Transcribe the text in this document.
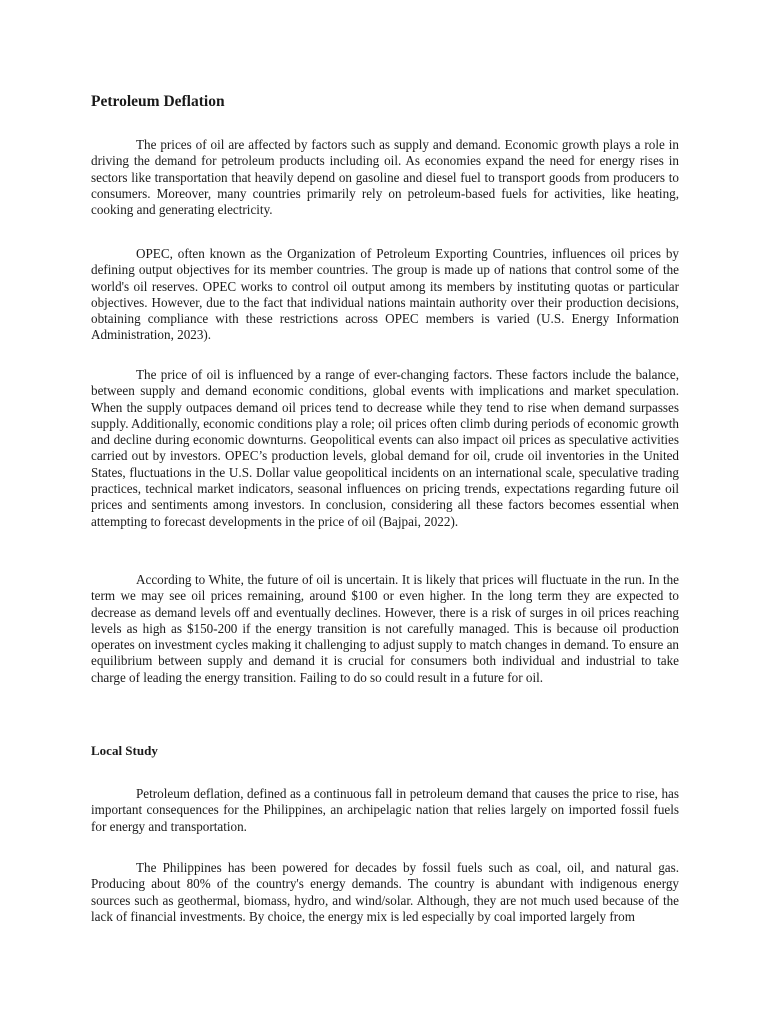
Petroleum Deflation

The prices of oil are affected by factors such as supply and demand. Economic growth plays a role in driving the demand for petroleum products including oil. As economies expand the need for energy rises in sectors like transportation that heavily depend on gasoline and diesel fuel to transport goods from producers to consumers. Moreover, many countries primarily rely on petroleum-based fuels for activities, like heating, cooking and generating electricity.

OPEC, often known as the Organization of Petroleum Exporting Countries, influences oil prices by defining output objectives for its member countries. The group is made up of nations that control some of the world's oil reserves. OPEC works to control oil output among its members by instituting quotas or particular objectives. However, due to the fact that individual nations maintain authority over their production decisions, obtaining compliance with these restrictions across OPEC members is varied (U.S. Energy Information Administration, 2023).

The price of oil is influenced by a range of ever-changing factors. These factors include the balance, between supply and demand economic conditions, global events with implications and market speculation. When the supply outpaces demand oil prices tend to decrease while they tend to rise when demand surpasses supply. Additionally, economic conditions play a role; oil prices often climb during periods of economic growth and decline during economic downturns. Geopolitical events can also impact oil prices as speculative activities carried out by investors. OPEC’s production levels, global demand for oil, crude oil inventories in the United States, fluctuations in the U.S. Dollar value geopolitical incidents on an international scale, speculative trading practices, technical market indicators, seasonal influences on pricing trends, expectations regarding future oil prices and sentiments among investors. In conclusion, considering all these factors becomes essential when attempting to forecast developments in the price of oil (Bajpai, 2022).

According to White, the future of oil is uncertain. It is likely that prices will fluctuate in the run. In the term we may see oil prices remaining, around $100 or even higher. In the long term they are expected to decrease as demand levels off and eventually declines. However, there is a risk of surges in oil prices reaching levels as high as $150-200 if the energy transition is not carefully managed. This is because oil production operates on investment cycles making it challenging to adjust supply to match changes in demand. To ensure an equilibrium between supply and demand it is crucial for consumers both individual and industrial to take charge of leading the energy transition. Failing to do so could result in a future for oil.

Local Study

Petroleum deflation, defined as a continuous fall in petroleum demand that causes the price to rise, has important consequences for the Philippines, an archipelagic nation that relies largely on imported fossil fuels for energy and transportation.

The Philippines has been powered for decades by fossil fuels such as coal, oil, and natural gas. Producing about 80% of the country's energy demands. The country is abundant with indigenous energy sources such as geothermal, biomass, hydro, and wind/solar. Although, they are not much used because of the lack of financial investments. By choice, the energy mix is led especially by coal imported largely from
